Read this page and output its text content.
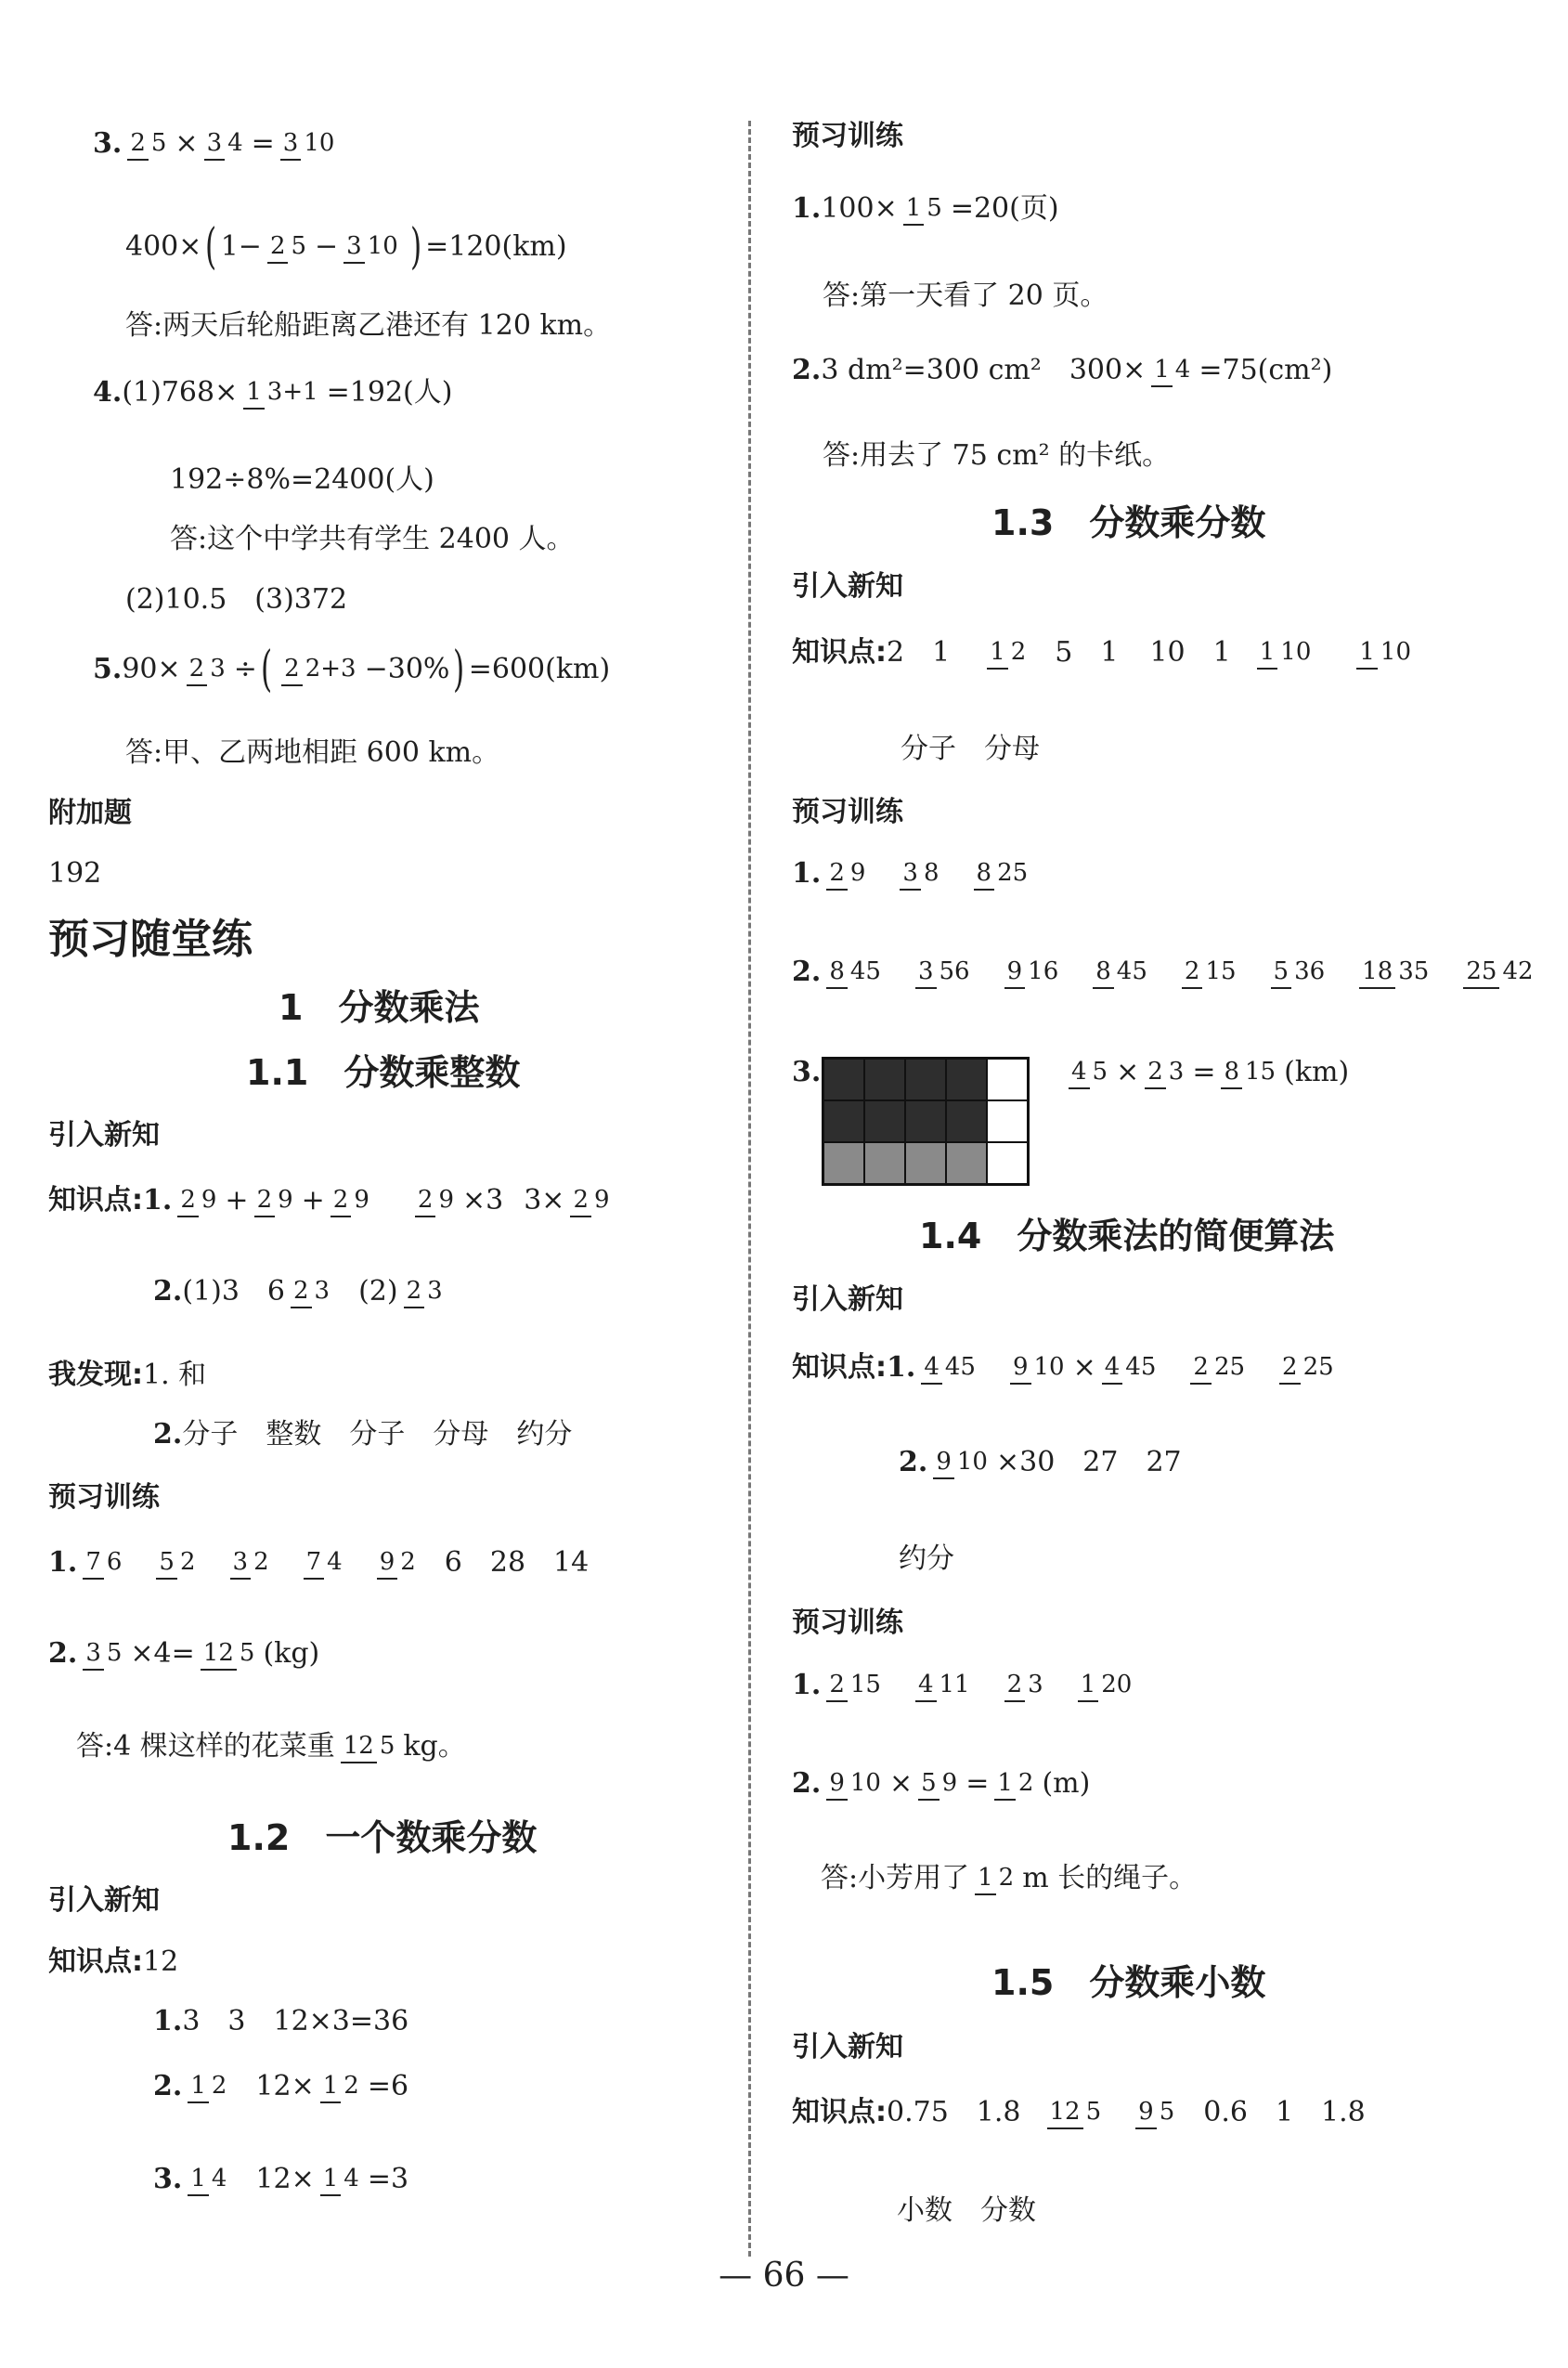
3. 2 5 × 3 4 = 3 10
400× ( 1− 2 5 − 3 10 ) =120(km)
答:两天后轮船距离乙港还有 120 km。
4. (1)768× 1 3+1 =192(人)
192÷8%=2400(人)
答:这个中学共有学生 2400 人。
(2)10.5　(3)372
5. 90× 2 3 ÷ ( 2 2+3 −30% ) =600(km)
答:甲、乙两地相距 600 km。
附加题
192
预习随堂练
1　分数乘法
1.1　分数乘整数
引入新知
知识点: 1. 2 9 + 2 9 + 2 9 2 9 ×3 3× 2 9
2. (1)3　6 2 3 (2) 2 3
我发现: 1. 和
2. 分子　整数　分子　分母　约分
预习训练
1. 7 6 5 2 3 2 7 4 9 2 6　28　14
2. 3 5 ×4= 12 5 (kg)
答:4 棵这样的花菜重 12 5 kg。
1.2　一个数乘分数
引入新知
知识点: 12
1. 3　3　12×3=36
2. 1 2 12× 1 2 =6
3. 1 4 12× 1 4 =3
预习训练
1. 100× 1 5 =20(页)
答:第一天看了 20 页。
2. 3 dm²=300 cm²　300× 1 4 =75(cm²)
答:用去了 75 cm² 的卡纸。
1.3　分数乘分数
引入新知
知识点: 2　1 1 2 5　1 10　1 1 10 1 10
分子　分母
预习训练
1. 2 9 3 8 8 25
2. 8 45 3 56 9 16 8 45 2 15 5 36 18 35 25 42
3.	4 5 × 2 3 = 8 15 (km)
1.4　分数乘法的简便算法
引入新知
知识点: 1. 4 45 9 10 × 4 45 2 25 2 25
2. 9 10 ×30　27　27
约分
预习训练
1. 2 15 4 11 2 3 1 20
2. 9 10 × 5 9 = 1 2 (m)
答:小芳用了 1 2 m 长的绳子。
1.5　分数乘小数
引入新知
知识点: 0.75　1.8 12 5 9 5 0.6　1　1.8
小数　分数
— 66 —
